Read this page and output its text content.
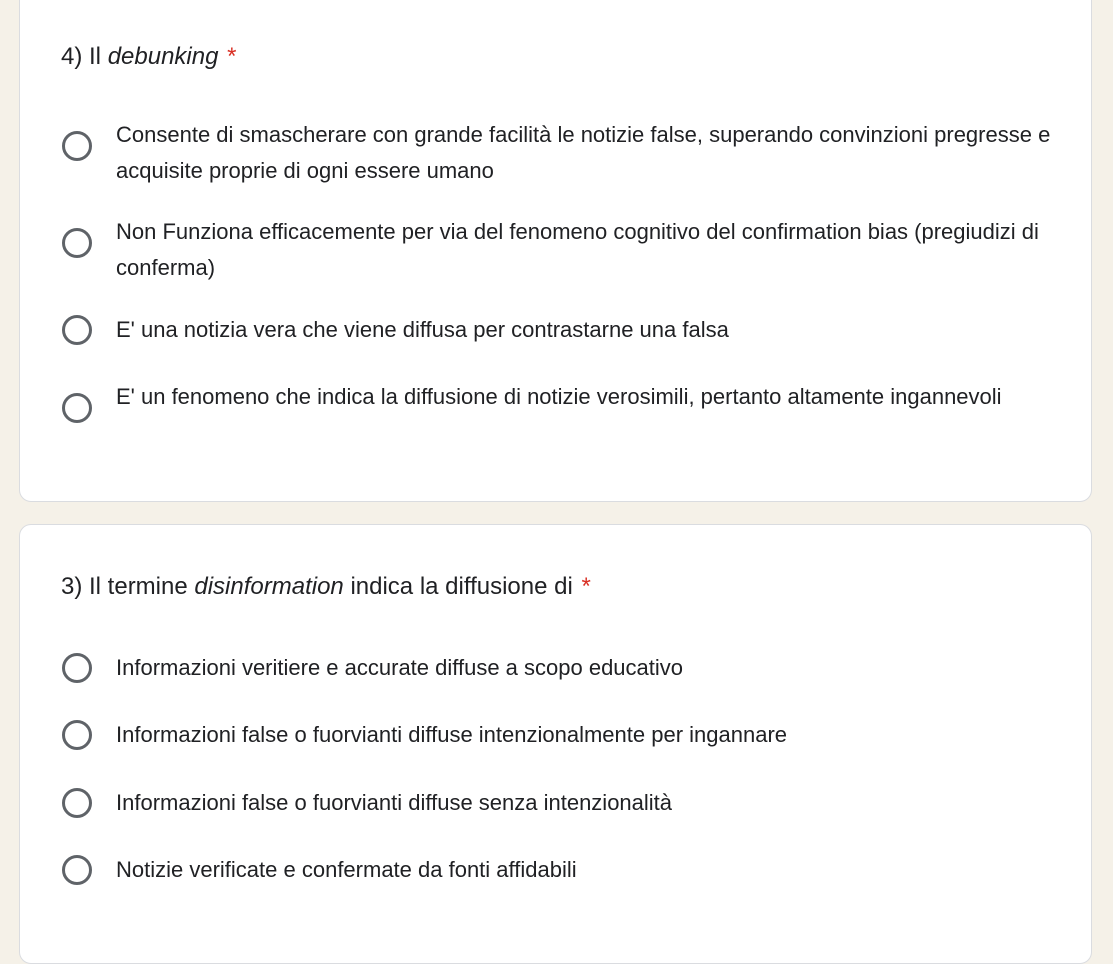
4) Il debunking *
Consente di smascherare con grande facilità le notizie false, superando convinzioni pregresse e acquisite proprie di ogni essere umano
Non Funziona efficacemente per via del fenomeno cognitivo del confirmation bias (pregiudizi di conferma)
E' una notizia vera che viene diffusa per contrastarne una falsa
E' un fenomeno che indica la diffusione di notizie verosimili, pertanto altamente ingannevoli
3) Il termine disinformation indica la diffusione di *
Informazioni veritiere e accurate diffuse a scopo educativo
Informazioni false o fuorvianti diffuse intenzionalmente per ingannare
Informazioni false o fuorvianti diffuse senza intenzionalità
Notizie verificate e confermate da fonti affidabili
